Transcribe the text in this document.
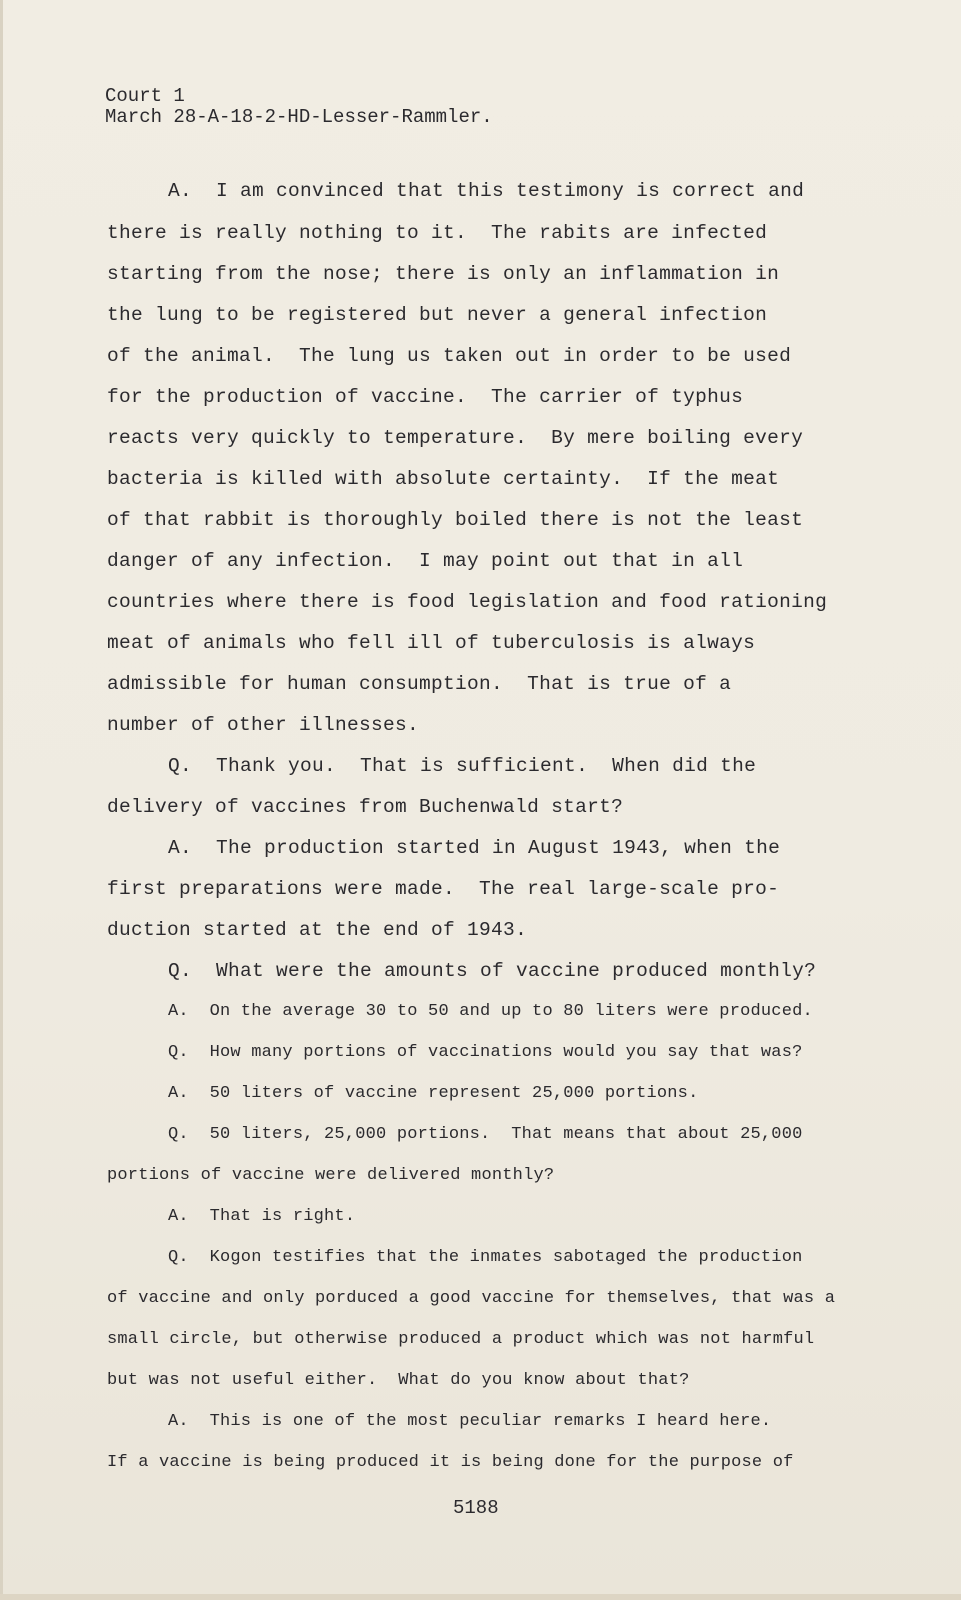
Court 1
March 28-A-18-2-HD-Lesser-Rammler.
A.  I am convinced that this testimony is correct and
there is really nothing to it.  The rabits are infected
starting from the nose; there is only an inflammation in
the lung to be registered but never a general infection
of the animal.  The lung us taken out in order to be used
for the production of vaccine.  The carrier of typhus
reacts very quickly to temperature.  By mere boiling every
bacteria is killed with absolute certainty.  If the meat
of that rabbit is thoroughly boiled there is not the least
danger of any infection.  I may point out that in all
countries where there is food legislation and food rationing
meat of animals who fell ill of tuberculosis is always
admissible for human consumption.  That is true of a
number of other illnesses.
Q.  Thank you.  That is sufficient.  When did the
delivery of vaccines from Buchenwald start?
A.  The production started in August 1943, when the
first preparations were made.  The real large-scale pro-
duction started at the end of 1943.
Q.  What were the amounts of vaccine produced monthly?
A.  On the average 30 to 50 and up to 80 liters were produced.
Q.  How many portions of vaccinations would you say that was?
A.  50 liters of vaccine represent 25,000 portions.
Q.  50 liters, 25,000 portions.  That means that about 25,000
portions of vaccine were delivered monthly?
A.  That is right.
Q.  Kogon testifies that the inmates sabotaged the production
of vaccine and only porduced a good vaccine for themselves, that was a
small circle, but otherwise produced a product which was not harmful
but was not useful either.  What do you know about that?
A.  This is one of the most peculiar remarks I heard here.
If a vaccine is being produced it is being done for the purpose of
5188
